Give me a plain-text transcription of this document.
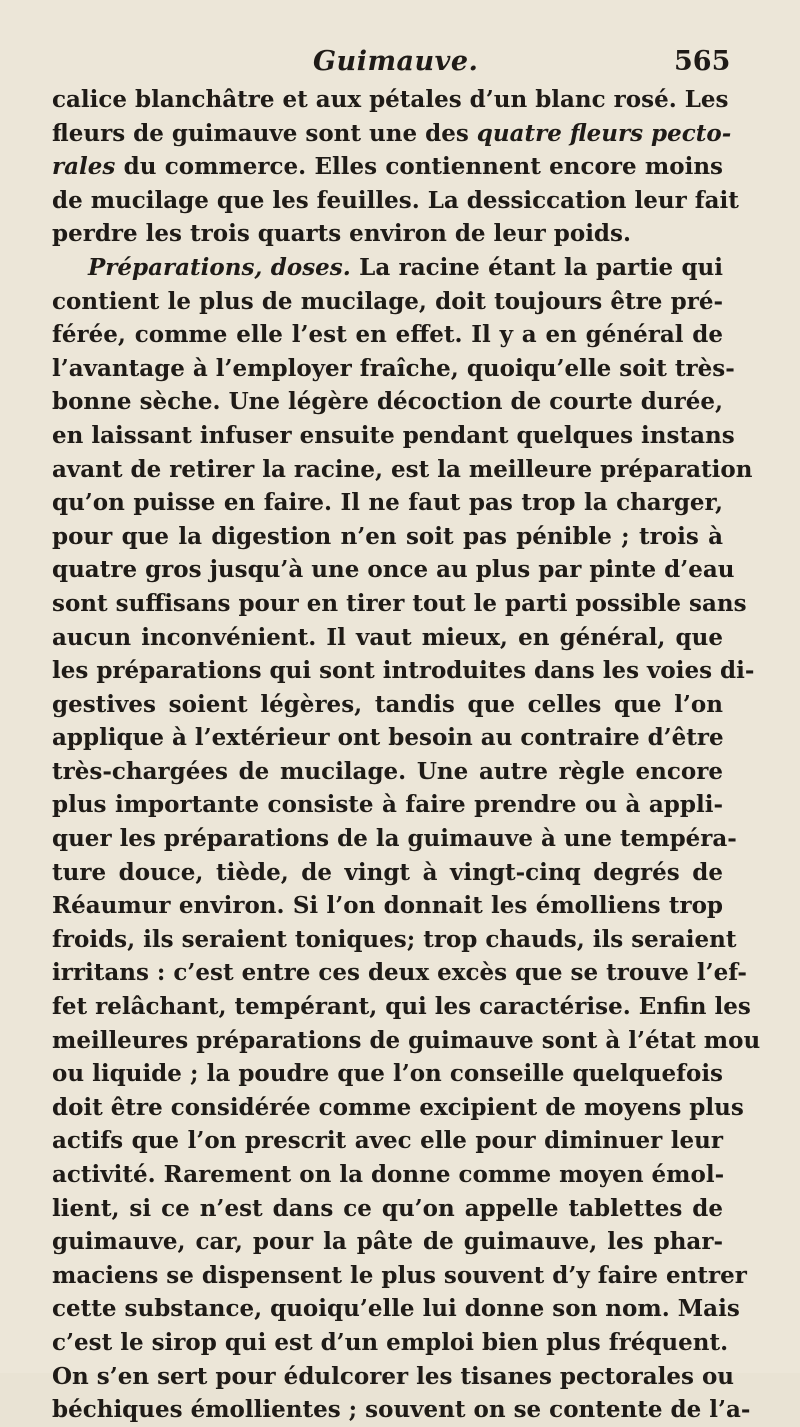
Guimauve.	565
calice blanchâtre et aux pétales d’un blanc rosé. Les
fleurs de guimauve sont une des quatre fleurs pecto-
rales du commerce. Elles contiennent encore moins
de mucilage que les feuilles. La dessiccation leur fait
perdre les trois quarts environ de leur poids.
Préparations, doses. La racine étant la partie qui
contient le plus de mucilage, doit toujours être pré-
férée, comme elle l’est en effet. Il y a en général de
l’avantage à l’employer fraîche, quoiqu’elle soit très-
bonne sèche. Une légère décoction de courte durée,
en laissant infuser ensuite pendant quelques instans
avant de retirer la racine, est la meilleure préparation
qu’on puisse en faire. Il ne faut pas trop la charger,
pour que la digestion n’en soit pas pénible ; trois à
quatre gros jusqu’à une once au plus par pinte d’eau
sont suffisans pour en tirer tout le parti possible sans
aucun inconvénient. Il vaut mieux, en général, que
les préparations qui sont introduites dans les voies di-
gestives soient légères, tandis que celles que l’on
applique à l’extérieur ont besoin au contraire d’être
très-chargées de mucilage. Une autre règle encore
plus importante consiste à faire prendre ou à appli-
quer les préparations de la guimauve à une tempéra-
ture douce, tiède, de vingt à vingt-cinq degrés de
Réaumur environ. Si l’on donnait les émolliens trop
froids, ils seraient toniques; trop chauds, ils seraient
irritans : c’est entre ces deux excès que se trouve l’ef-
fet relâchant, tempérant, qui les caractérise. Enfin les
meilleures préparations de guimauve sont à l’état mou
ou liquide ; la poudre que l’on conseille quelquefois
doit être considérée comme excipient de moyens plus
actifs que l’on prescrit avec elle pour diminuer leur
activité. Rarement on la donne comme moyen émol-
lient, si ce n’est dans ce qu’on appelle tablettes de
guimauve, car, pour la pâte de guimauve, les phar-
maciens se dispensent le plus souvent d’y faire entrer
cette substance, quoiqu’elle lui donne son nom. Mais
c’est le sirop qui est d’un emploi bien plus fréquent.
On s’en sert pour édulcorer les tisanes pectorales ou
béchiques émollientes ; souvent on se contente de l’a-
